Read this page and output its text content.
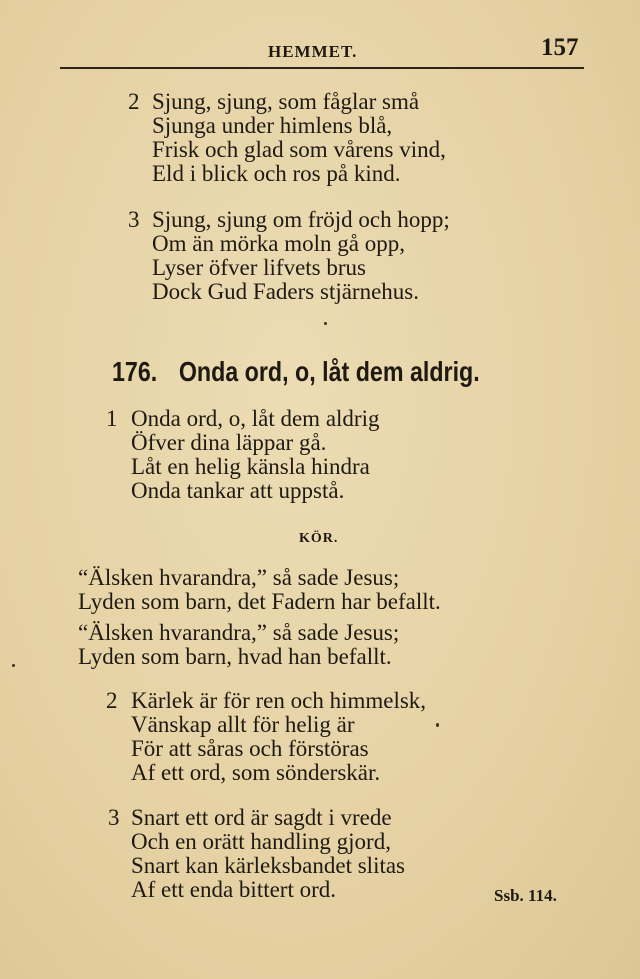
HEMMET.	157
2 Sjung, sjung, som fåglar små
Sjunga under himlens blå,
Frisk och glad som vårens vind,
Eld i blick och ros på kind.
3 Sjung, sjung om fröjd och hopp;
Om än mörka moln gå opp,
Lyser öfver lifvets brus
Dock Gud Faders stjärnehus.
176. Onda ord, o, låt dem aldrig.
1 Onda ord, o, låt dem aldrig
Öfver dina läppar gå.
Låt en helig känsla hindra
Onda tankar att uppstå.
KÖR.
“Älsken hvarandra,” så sade Jesus;
Lyden som barn, det Fadern har befallt.
“Älsken hvarandra,” så sade Jesus;
Lyden som barn, hvad han befallt.
2 Kärlek är för ren och himmelsk,
Vänskap allt för helig är
För att såras och förstöras
Af ett ord, som sönderskär.
3 Snart ett ord är sagdt i vrede
Och en orätt handling gjord,
Snart kan kärleksbandet slitas
Af ett enda bittert ord.	Ssb. 114.
